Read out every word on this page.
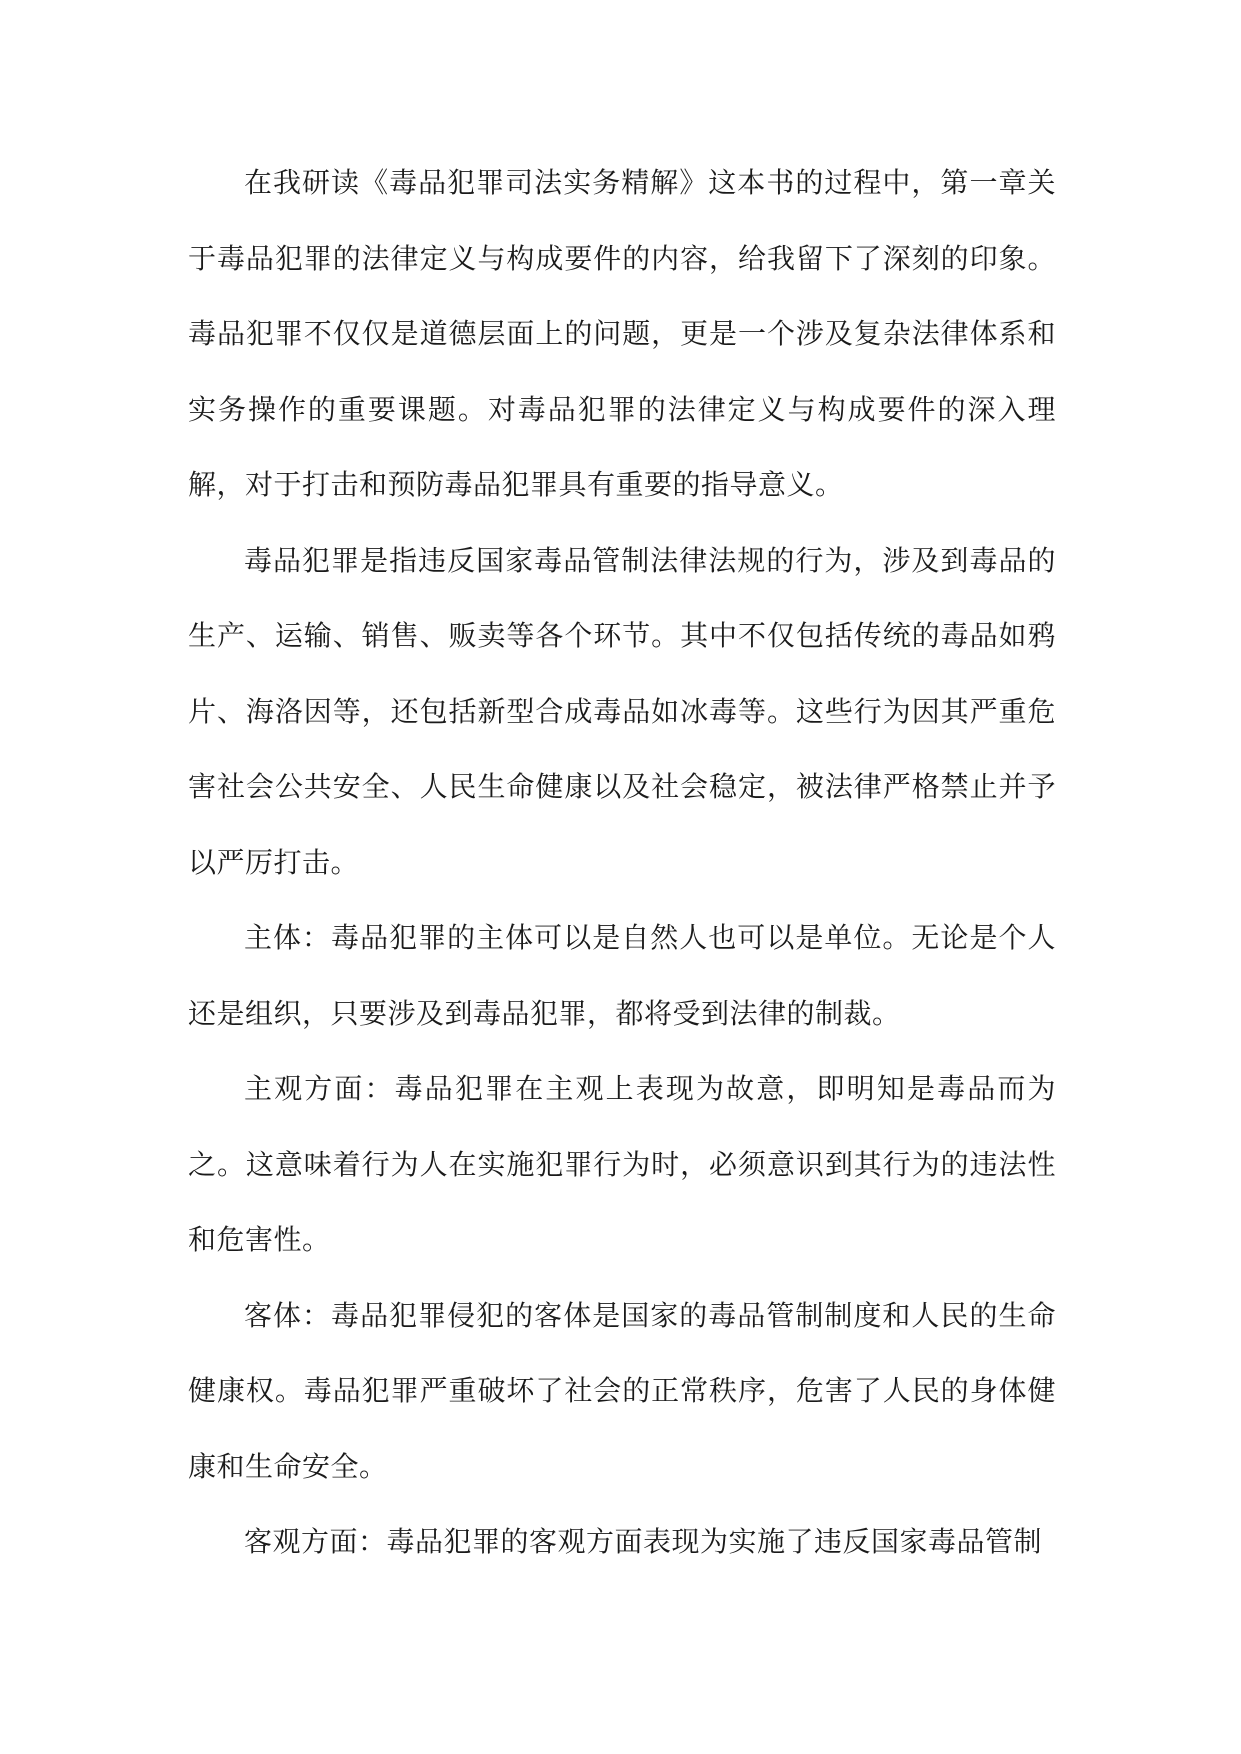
在我研读《毒品犯罪司法实务精解》这本书的过程中，第一章关于毒品犯罪的法律定义与构成要件的内容，给我留下了深刻的印象。毒品犯罪不仅仅是道德层面上的问题，更是一个涉及复杂法律体系和实务操作的重要课题。对毒品犯罪的法律定义与构成要件的深入理解，对于打击和预防毒品犯罪具有重要的指导意义。

毒品犯罪是指违反国家毒品管制法律法规的行为，涉及到毒品的生产、运输、销售、贩卖等各个环节。其中不仅包括传统的毒品如鸦片、海洛因等，还包括新型合成毒品如冰毒等。这些行为因其严重危害社会公共安全、人民生命健康以及社会稳定，被法律严格禁止并予以严厉打击。

主体：毒品犯罪的主体可以是自然人也可以是单位。无论是个人还是组织，只要涉及到毒品犯罪，都将受到法律的制裁。

主观方面：毒品犯罪在主观上表现为故意，即明知是毒品而为之。这意味着行为人在实施犯罪行为时，必须意识到其行为的违法性和危害性。

客体：毒品犯罪侵犯的客体是国家的毒品管制制度和人民的生命健康权。毒品犯罪严重破坏了社会的正常秩序，危害了人民的身体健康和生命安全。

客观方面：毒品犯罪的客观方面表现为实施了违反国家毒品管制
